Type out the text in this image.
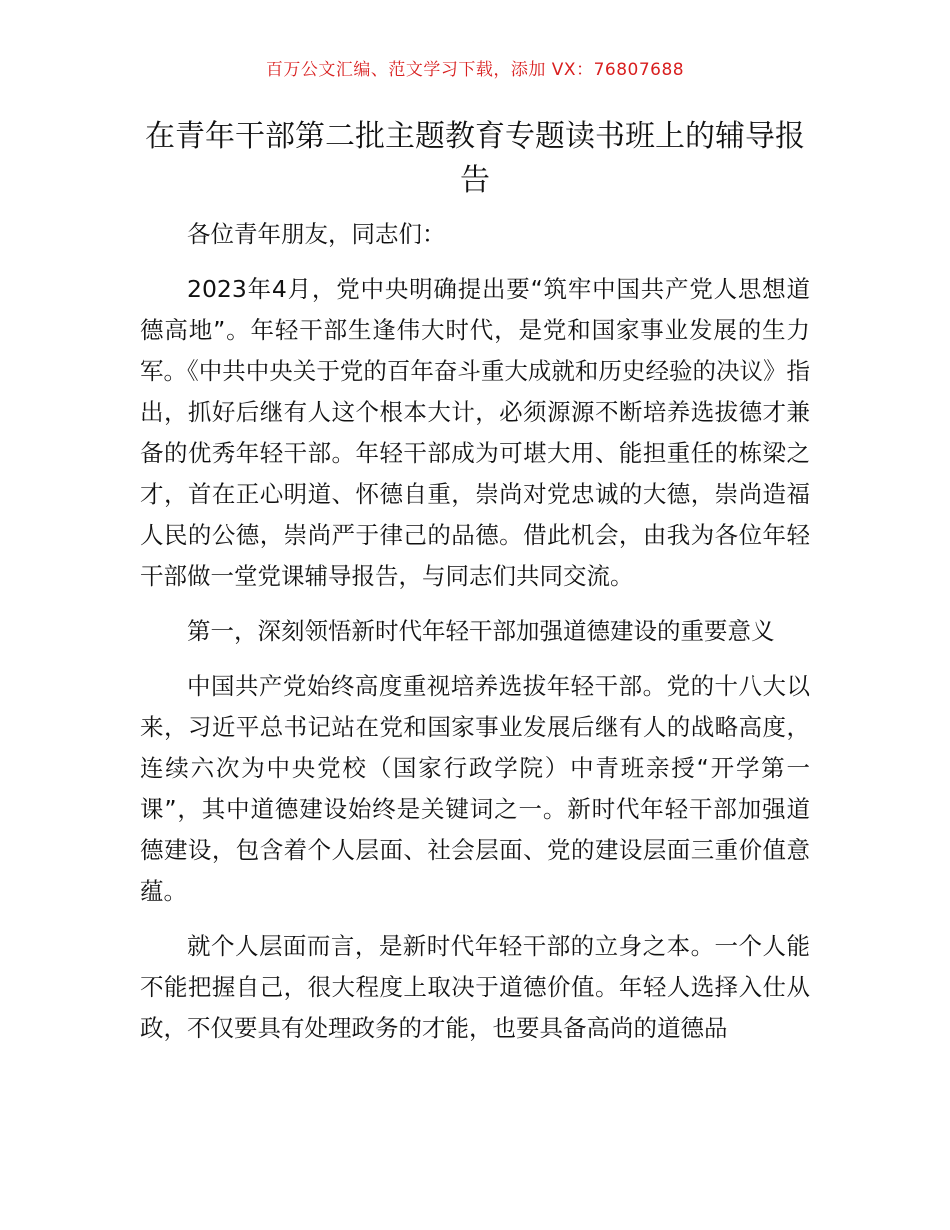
百万公文汇编、范文学习下载，添加 VX：76807688
在青年干部第二批主题教育专题读书班上的辅导报告

各位青年朋友，同志们：

2023年4月，党中央明确提出要“筑牢中国共产党人思想道德高地”。年轻干部生逢伟大时代，是党和国家事业发展的生力军。《中共中央关于党的百年奋斗重大成就和历史经验的决议》指出，抓好后继有人这个根本大计，必须源源不断培养选拔德才兼备的优秀年轻干部。年轻干部成为可堪大用、能担重任的栋梁之才，首在正心明道、怀德自重，崇尚对党忠诚的大德，崇尚造福人民的公德，崇尚严于律己的品德。借此机会，由我为各位年轻干部做一堂党课辅导报告，与同志们共同交流。

第一，深刻领悟新时代年轻干部加强道德建设的重要意义

中国共产党始终高度重视培养选拔年轻干部。党的十八大以来，习近平总书记站在党和国家事业发展后继有人的战略高度，连续六次为中央党校（国家行政学院）中青班亲授“开学第一课”，其中道德建设始终是关键词之一。新时代年轻干部加强道德建设，包含着个人层面、社会层面、党的建设层面三重价值意蕴。

就个人层面而言，是新时代年轻干部的立身之本。一个人能不能把握自己，很大程度上取决于道德价值。年轻人选择入仕从政，不仅要具有处理政务的才能，也要具备高尚的道德品
